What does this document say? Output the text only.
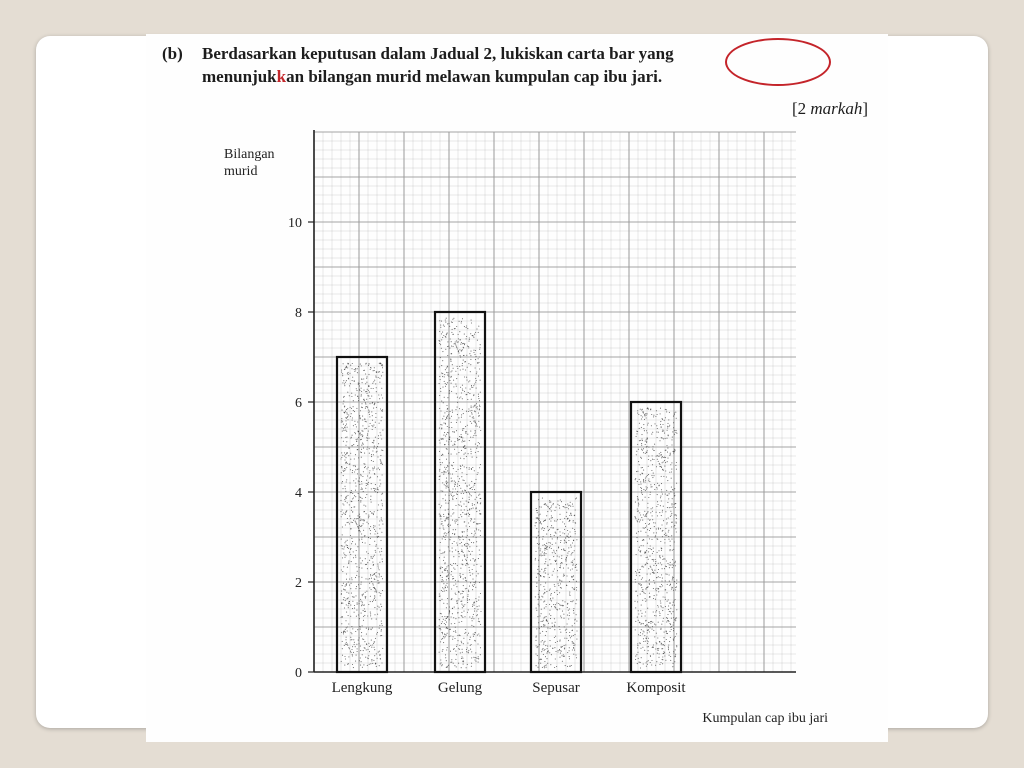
(b) Berdasarkan keputusan dalam Jadual 2, lukiskan carta bar yang
menunjukkan bilangan murid melawan kumpulan cap ibu jari.
[2 markah]
0
2
4
6
8
10
Bilangan
murid
Kumpulan cap ibu jari
Lengkung	Gelung	Sepusar	Komposit
